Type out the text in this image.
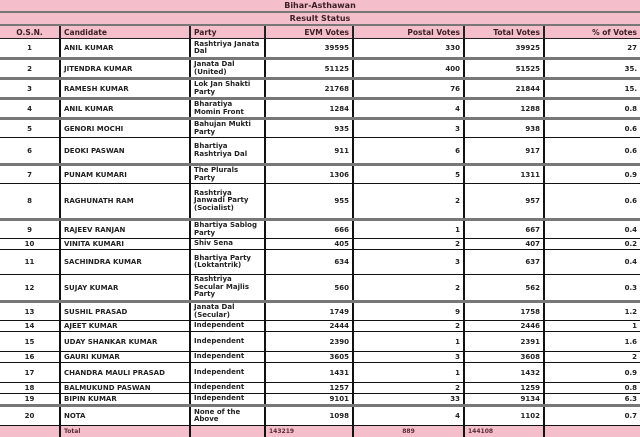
Bihar-Asthawan
Result Status
O.S.N.	Candidate	Party	EVM Votes	Postal Votes	Total Votes	% of Votes
1	ANIL KUMAR	Rashtriya Janata Dal	39595	330	39925	27
2	JITENDRA KUMAR	Janata Dal (United)	51125	400	51525	35.
3	RAMESH KUMAR	Lok Jan Shakti Party	21768	76	21844	15.
4	ANIL KUMAR	Bharatiya Momin Front	1284	4	1288	0.8
5	GENORI MOCHI	Bahujan Mukti Party	935	3	938	0.6
6	DEOKI PASWAN	Bhartiya Rashtriya Dal	911	6	917	0.6
7	PUNAM KUMARI	The Plurals Party	1306	5	1311	0.9
8	RAGHUNATH RAM	Rashtriya Janwadi Party (Socialist)	955	2	957	0.6
9	RAJEEV RANJAN	Bhartiya Sablog Party	666	1	667	0.4
10	VINITA KUMARI	Shiv Sena	405	2	407	0.2
11	SACHINDRA KUMAR	Bhartiya Party (Loktantrik)	634	3	637	0.4
12	SUJAY KUMAR	Rashtriya Secular Majlis Party	560	2	562	0.3
13	SUSHIL PRASAD	Janata Dal (Secular)	1749	9	1758	1.2
14	AJEET KUMAR	Independent	2444	2	2446	1
15	UDAY SHANKAR KUMAR	Independent	2390	1	2391	1.6
16	GAURI KUMAR	Independent	3605	3	3608	2
17	CHANDRA MAULI PRASAD	Independent	1431	1	1432	0.9
18	BALMUKUND PASWAN	Independent	1257	2	1259	0.8
19	BIPIN KUMAR	Independent	9101	33	9134	6.3
20	NOTA	None of the Above	1098	4	1102	0.7
	Total		143219	889	144108	
